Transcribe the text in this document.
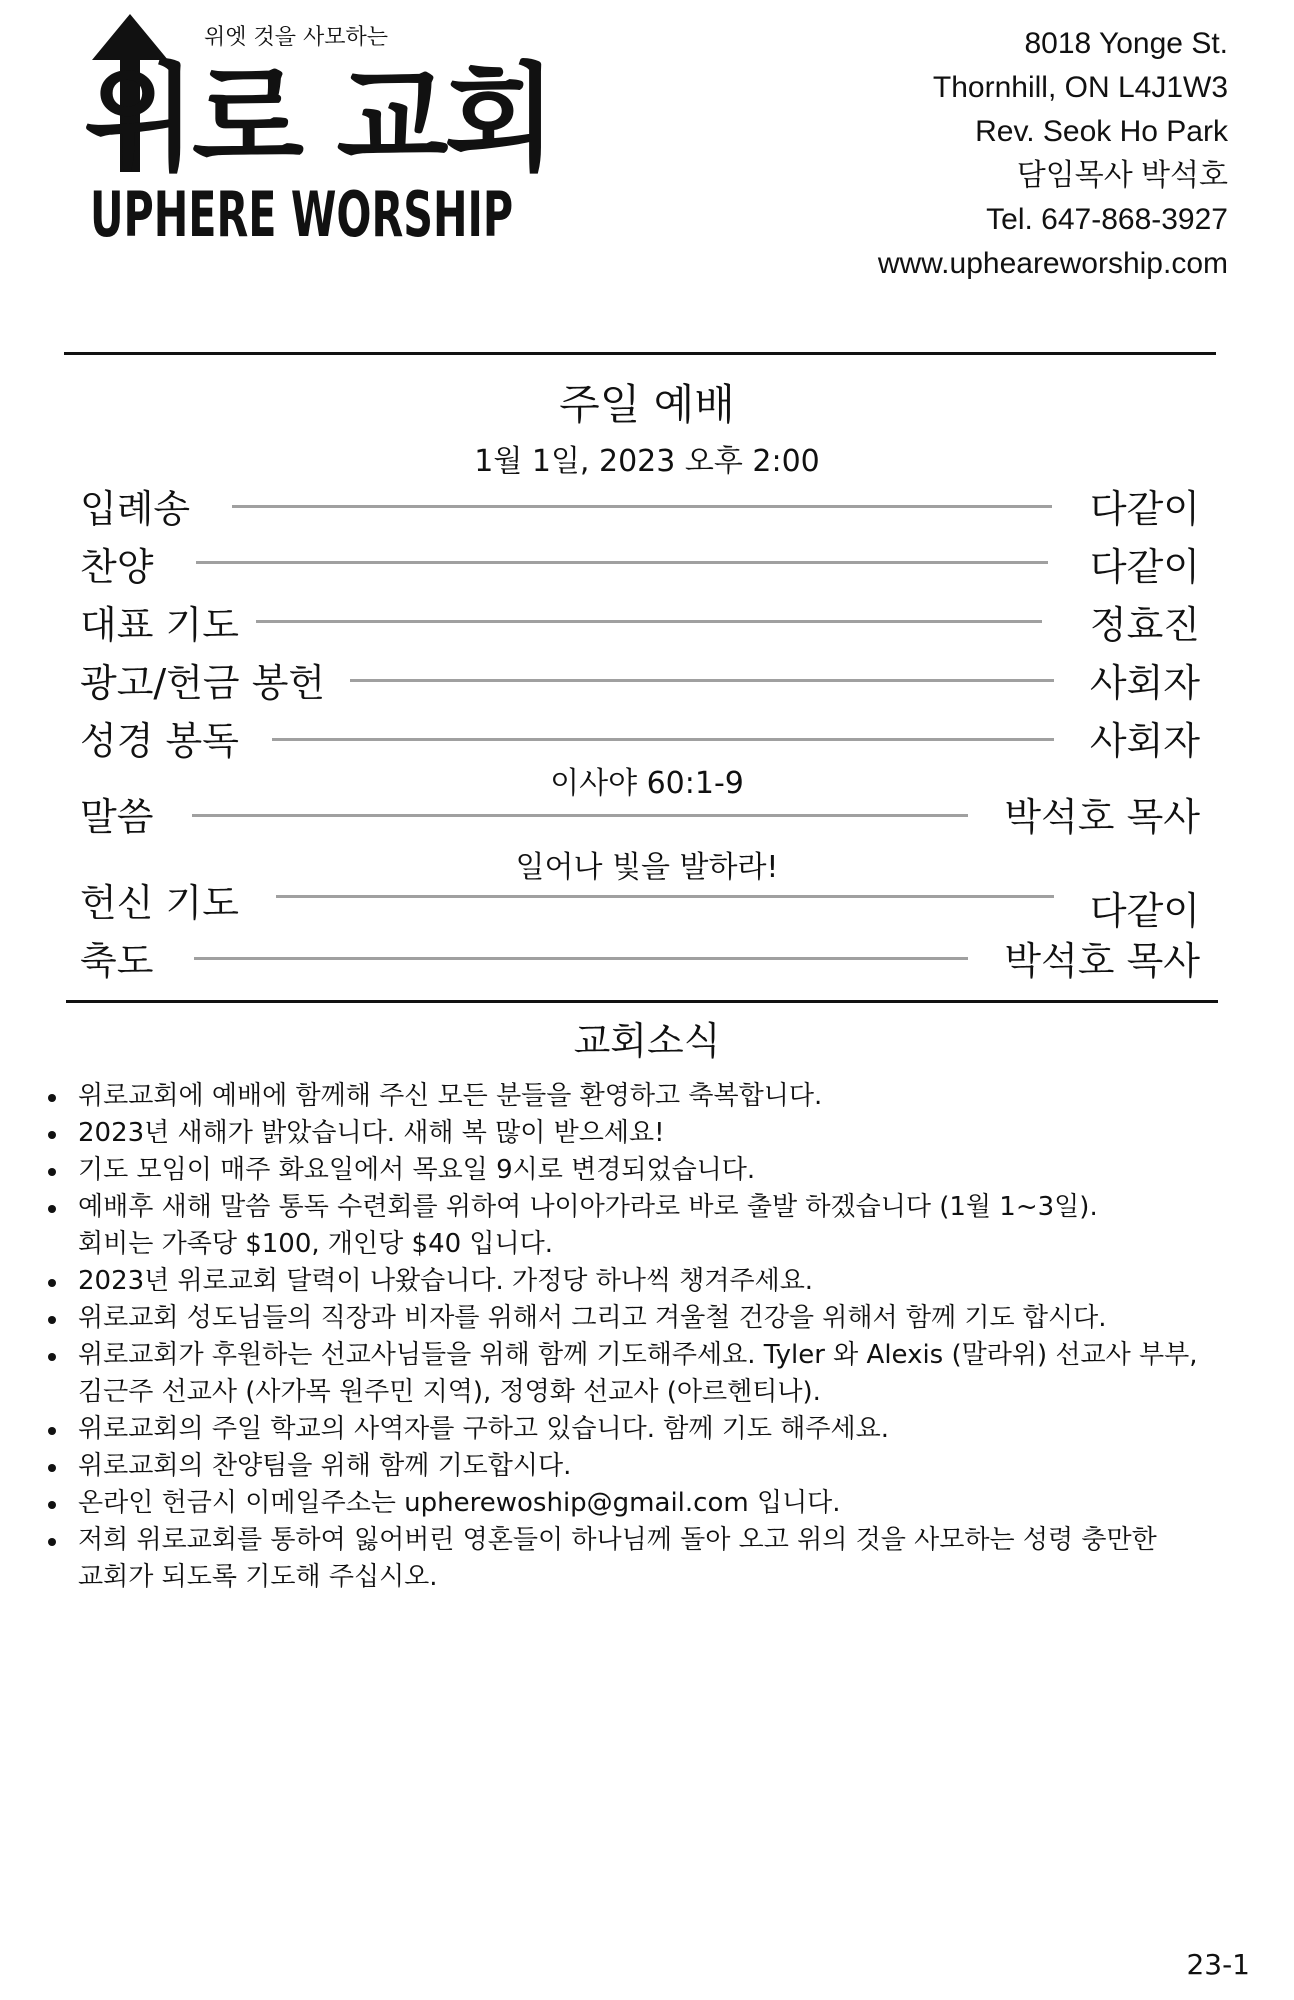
위엣 것을 사모하는
위로 교회
UPHERE WORSHIP
8018 Yonge St.
Thornhill, ON L4J1W3
Rev. Seok Ho Park
담임목사 박석호
Tel. 647-868-3927
www.upheareworship.com
주일 예배
1월 1일, 2023 오후 2:00
입례송	다같이
찬양	다같이
대표 기도	정효진
광고/헌금 봉헌	사회자
성경 봉독	사회자
이사야 60:1-9
말씀	박석호 목사
일어나 빛을 발하라!
헌신 기도	다같이
축도	박석호 목사
교회소식
위로교회에 예배에 함께해 주신 모든 분들을 환영하고 축복합니다.
2023년 새해가 밝았습니다. 새해 복 많이 받으세요!
기도 모임이 매주 화요일에서 목요일 9시로 변경되었습니다.
예배후 새해 말씀 통독 수련회를 위하여 나이아가라로 바로 출발 하겠습니다 (1월 1~3일).
회비는 가족당 $100, 개인당 $40 입니다.
2023년 위로교회 달력이 나왔습니다. 가정당 하나씩 챙겨주세요.
위로교회 성도님들의 직장과 비자를 위해서 그리고 겨울철 건강을 위해서 함께 기도 합시다.
위로교회가 후원하는 선교사님들을 위해 함께 기도해주세요. Tyler 와 Alexis (말라위) 선교사 부부,
김근주 선교사 (사가목 원주민 지역), 정영화 선교사 (아르헨티나).
위로교회의 주일 학교의 사역자를 구하고 있습니다. 함께 기도 해주세요.
위로교회의 찬양팀을 위해 함께 기도합시다.
온라인 헌금시 이메일주소는 upherewoship@gmail.com 입니다.
저희 위로교회를 통하여 잃어버린 영혼들이 하나님께 돌아 오고 위의 것을 사모하는 성령 충만한
교회가 되도록 기도해 주십시오.
23-1
